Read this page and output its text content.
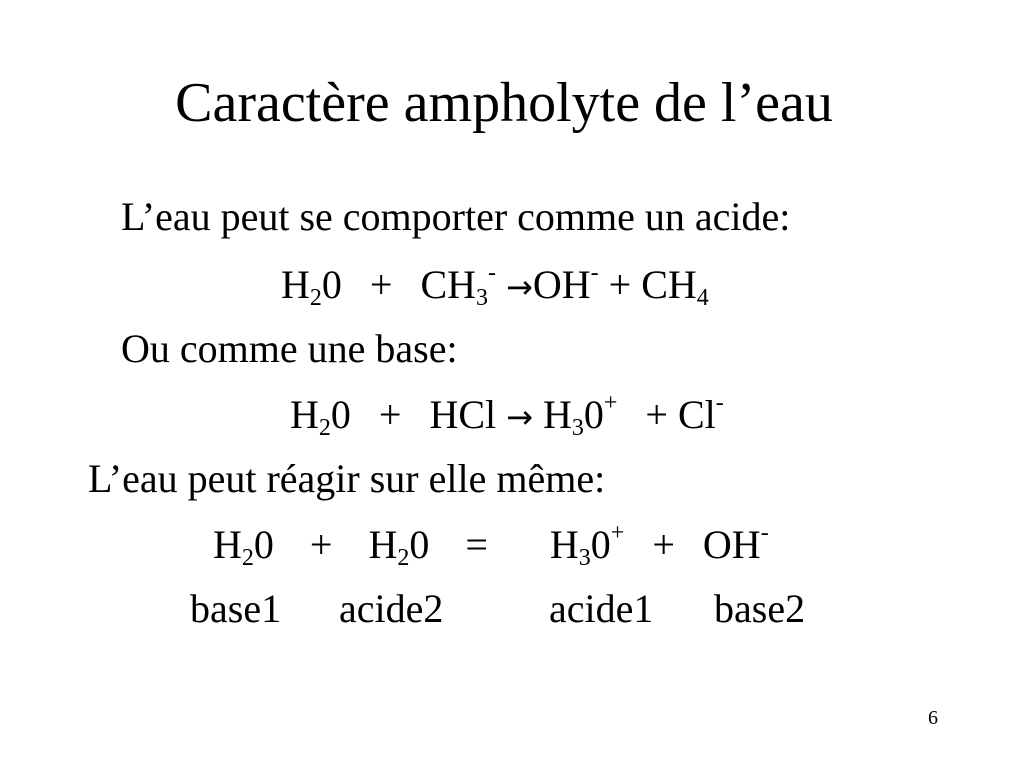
Caractère ampholyte de l’eau
L’eau peut se comporter comme un acide:
$H_20 + CH_3^- \to OH^- + CH_4$
Ou comme une base:
$H_20$ + HCl → $H_30^+ + Cl^-$
L’eau peut réagir sur elle même:
$H_20 + H_20 = H_30^+ + OH^-$
base1 acide2	acide1 base2
6
